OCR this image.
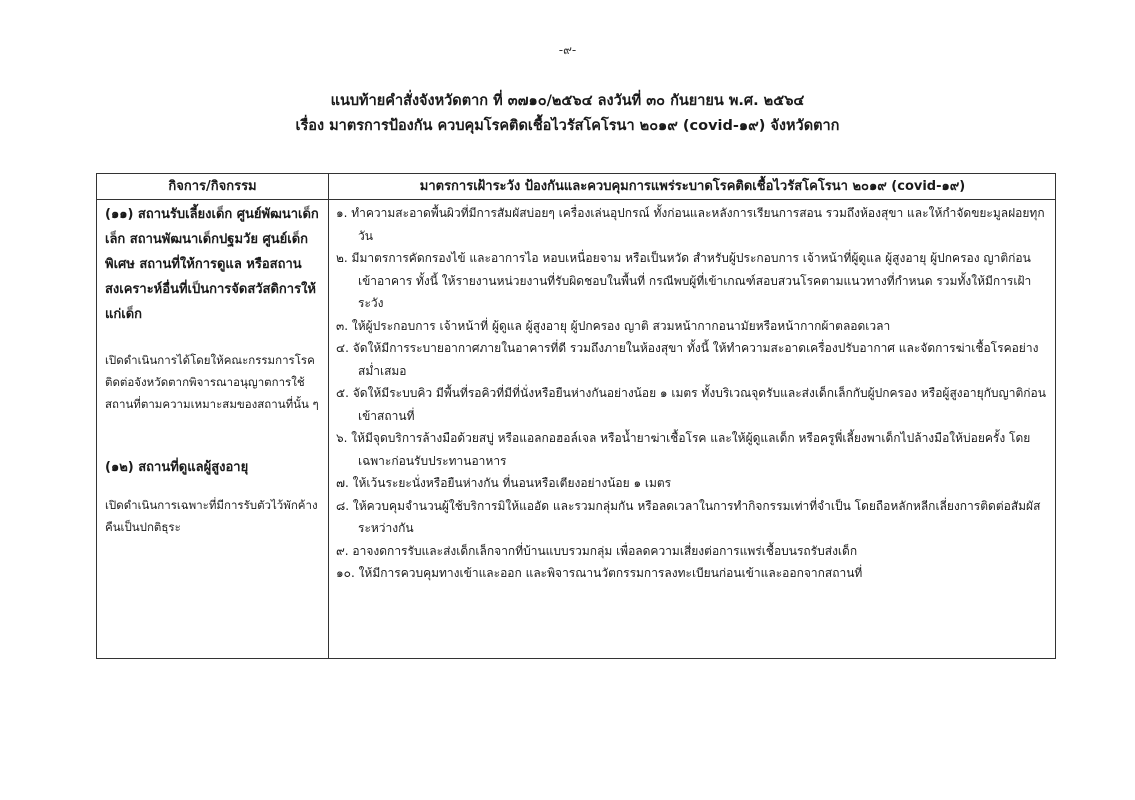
-๙-
แนบท้ายคำสั่งจังหวัดตาก ที่ ๓๗๑๐/๒๕๖๔ ลงวันที่ ๓๐ กันยายน พ.ศ. ๒๕๖๔
เรื่อง มาตรการป้องกัน ควบคุมโรคติดเชื้อไวรัสโคโรนา ๒๐๑๙ (covid-๑๙) จังหวัดตาก
กิจการ/กิจกรรม	มาตรการเฝ้าระวัง ป้องกันและควบคุมการแพร่ระบาดโรคติดเชื้อไวรัสโคโรนา ๒๐๑๙ (covid-๑๙)

(๑๑) สถานรับเลี้ยงเด็ก ศูนย์พัฒนาเด็กเล็ก สถานพัฒนาเด็กปฐมวัย ศูนย์เด็กพิเศษ สถานที่ให้การดูแล หรือสถานสงเคราะห์อื่นที่เป็นการจัดสวัสดิการให้แก่เด็ก

เปิดดำเนินการได้โดยให้คณะกรรมการโรคติดต่อจังหวัดตากพิจารณาอนุญาตการใช้สถานที่ตามความเหมาะสมของสถานที่นั้น ๆ

(๑๒) สถานที่ดูแลผู้สูงอายุ

เปิดดำเนินการเฉพาะที่มีการรับตัวไว้พักค้างคืนเป็นปกติธุระ

๑. ทำความสะอาดพื้นผิวที่มีการสัมผัสบ่อยๆ เครื่องเล่นอุปกรณ์ ทั้งก่อนและหลังการเรียนการสอน รวมถึงห้องสุขา และให้กำจัดขยะมูลฝอยทุกวัน
๒. มีมาตรการคัดกรองไข้ และอาการไอ หอบเหนื่อยจาม หรือเป็นหวัด สำหรับผู้ประกอบการ เจ้าหน้าที่ผู้ดูแล ผู้สูงอายุ ผู้ปกครอง ญาติก่อนเข้าอาคาร ทั้งนี้ ให้รายงานหน่วยงานที่รับผิดชอบในพื้นที่ กรณีพบผู้ที่เข้าเกณฑ์สอบสวนโรคตามแนวทางที่กำหนด รวมทั้งให้มีการเฝ้าระวัง
๓. ให้ผู้ประกอบการ เจ้าหน้าที่ ผู้ดูแล ผู้สูงอายุ ผู้ปกครอง ญาติ สวมหน้ากากอนามัยหรือหน้ากากผ้าตลอดเวลา
๔. จัดให้มีการระบายอากาศภายในอาคารที่ดี รวมถึงภายในห้องสุขา ทั้งนี้ ให้ทำความสะอาดเครื่องปรับอากาศ และจัดการฆ่าเชื้อโรคอย่างสม่ำเสมอ
๕. จัดให้มีระบบคิว มีพื้นที่รอคิวที่มีที่นั่งหรือยืนห่างกันอย่างน้อย ๑ เมตร ทั้งบริเวณจุดรับและส่งเด็กเล็กกับผู้ปกครอง หรือผู้สูงอายุกับญาติก่อนเข้าสถานที่
๖. ให้มีจุดบริการล้างมือด้วยสบู่ หรือแอลกอฮอล์เจล หรือน้ำยาฆ่าเชื้อโรค และให้ผู้ดูแลเด็ก หรือครูพี่เลี้ยงพาเด็กไปล้างมือให้บ่อยครั้ง โดยเฉพาะก่อนรับประทานอาหาร
๗. ให้เว้นระยะนั่งหรือยืนห่างกัน ที่นอนหรือเตียงอย่างน้อย ๑ เมตร
๘. ให้ควบคุมจำนวนผู้ใช้บริการมิให้แออัด และรวมกลุ่มกัน หรือลดเวลาในการทำกิจกรรมเท่าที่จำเป็น โดยถือหลักหลีกเลี่ยงการติดต่อสัมผัสระหว่างกัน
๙. อาจงดการรับและส่งเด็กเล็กจากที่บ้านแบบรวมกลุ่ม เพื่อลดความเสี่ยงต่อการแพร่เชื้อบนรถรับส่งเด็ก
๑๐. ให้มีการควบคุมทางเข้าและออก และพิจารณานวัตกรรมการลงทะเบียนก่อนเข้าและออกจากสถานที่
